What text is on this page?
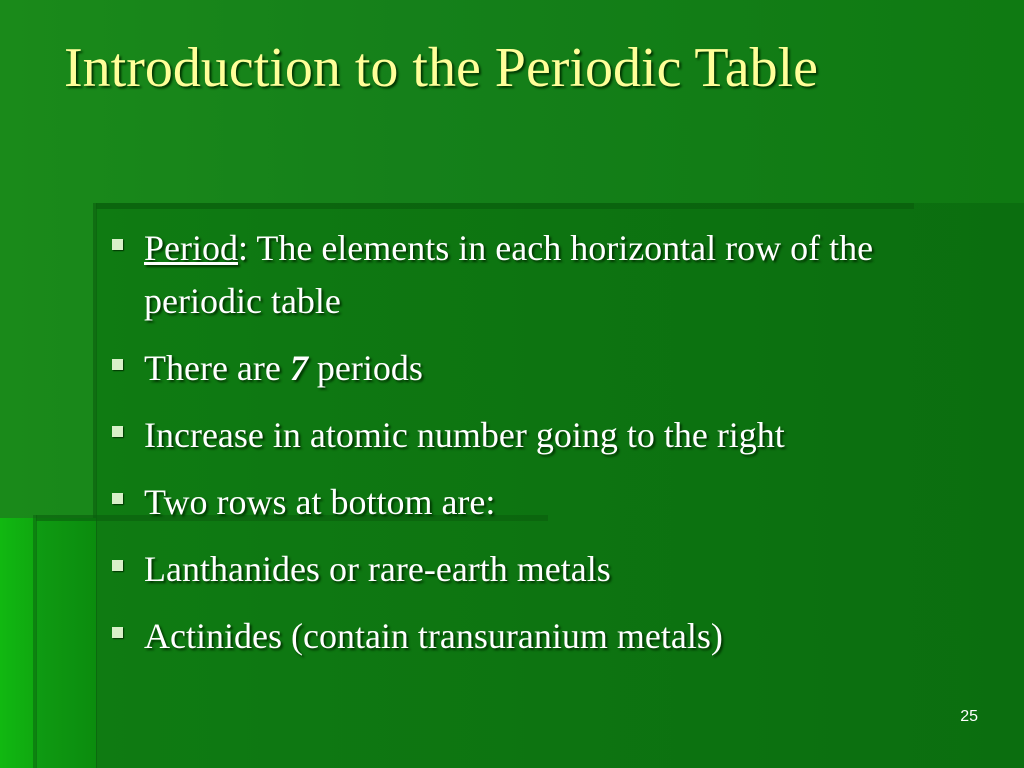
Introduction to the Periodic Table
Period: The elements in each horizontal row of the periodic table
There are 7 periods
Increase in atomic number going to the right
Two rows at bottom are:
Lanthanides or rare-earth metals
Actinides (contain transuranium metals)
25
